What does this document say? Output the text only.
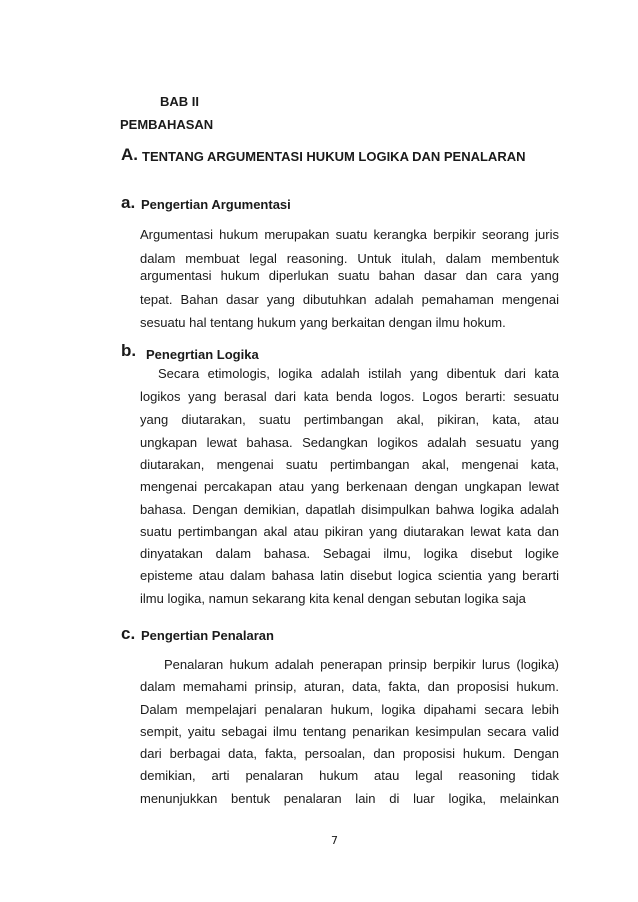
BAB II
PEMBAHASAN
A. TENTANG ARGUMENTASI HUKUM LOGIKA DAN PENALARAN
a. Pengertian Argumentasi
Argumentasi hukum merupakan suatu kerangka berpikir seorang juris
dalam membuat legal reasoning. Untuk itulah, dalam membentuk
argumentasi hukum diperlukan suatu bahan dasar dan cara yang
tepat. Bahan dasar yang dibutuhkan adalah pemahaman mengenai
sesuatu hal tentang hukum yang berkaitan dengan ilmu hokum.
b. Penegrtian Logika
Secara etimologis, logika adalah istilah yang dibentuk dari kata
logikos yang berasal dari kata benda logos. Logos berarti: sesuatu
yang diutarakan, suatu pertimbangan akal, pikiran, kata, atau
ungkapan lewat bahasa. Sedangkan logikos adalah sesuatu yang
diutarakan, mengenai suatu pertimbangan akal, mengenai kata,
mengenai percakapan atau yang berkenaan dengan ungkapan lewat
bahasa. Dengan demikian, dapatlah disimpulkan bahwa logika adalah
suatu pertimbangan akal atau pikiran yang diutarakan lewat kata dan
dinyatakan dalam bahasa. Sebagai ilmu, logika disebut logike
episteme atau dalam bahasa latin disebut logica scientia yang berarti
ilmu logika, namun sekarang kita kenal dengan sebutan logika saja
c. Pengertian Penalaran
Penalaran hukum adalah penerapan prinsip berpikir lurus (logika)
dalam memahami prinsip, aturan, data, fakta, dan proposisi hukum.
Dalam mempelajari penalaran hukum, logika dipahami secara lebih
sempit, yaitu sebagai ilmu tentang penarikan kesimpulan secara valid
dari berbagai data, fakta, persoalan, dan proposisi hukum. Dengan
demikian, arti penalaran hukum atau legal reasoning tidak
menunjukkan bentuk penalaran lain di luar logika, melainkan
7
